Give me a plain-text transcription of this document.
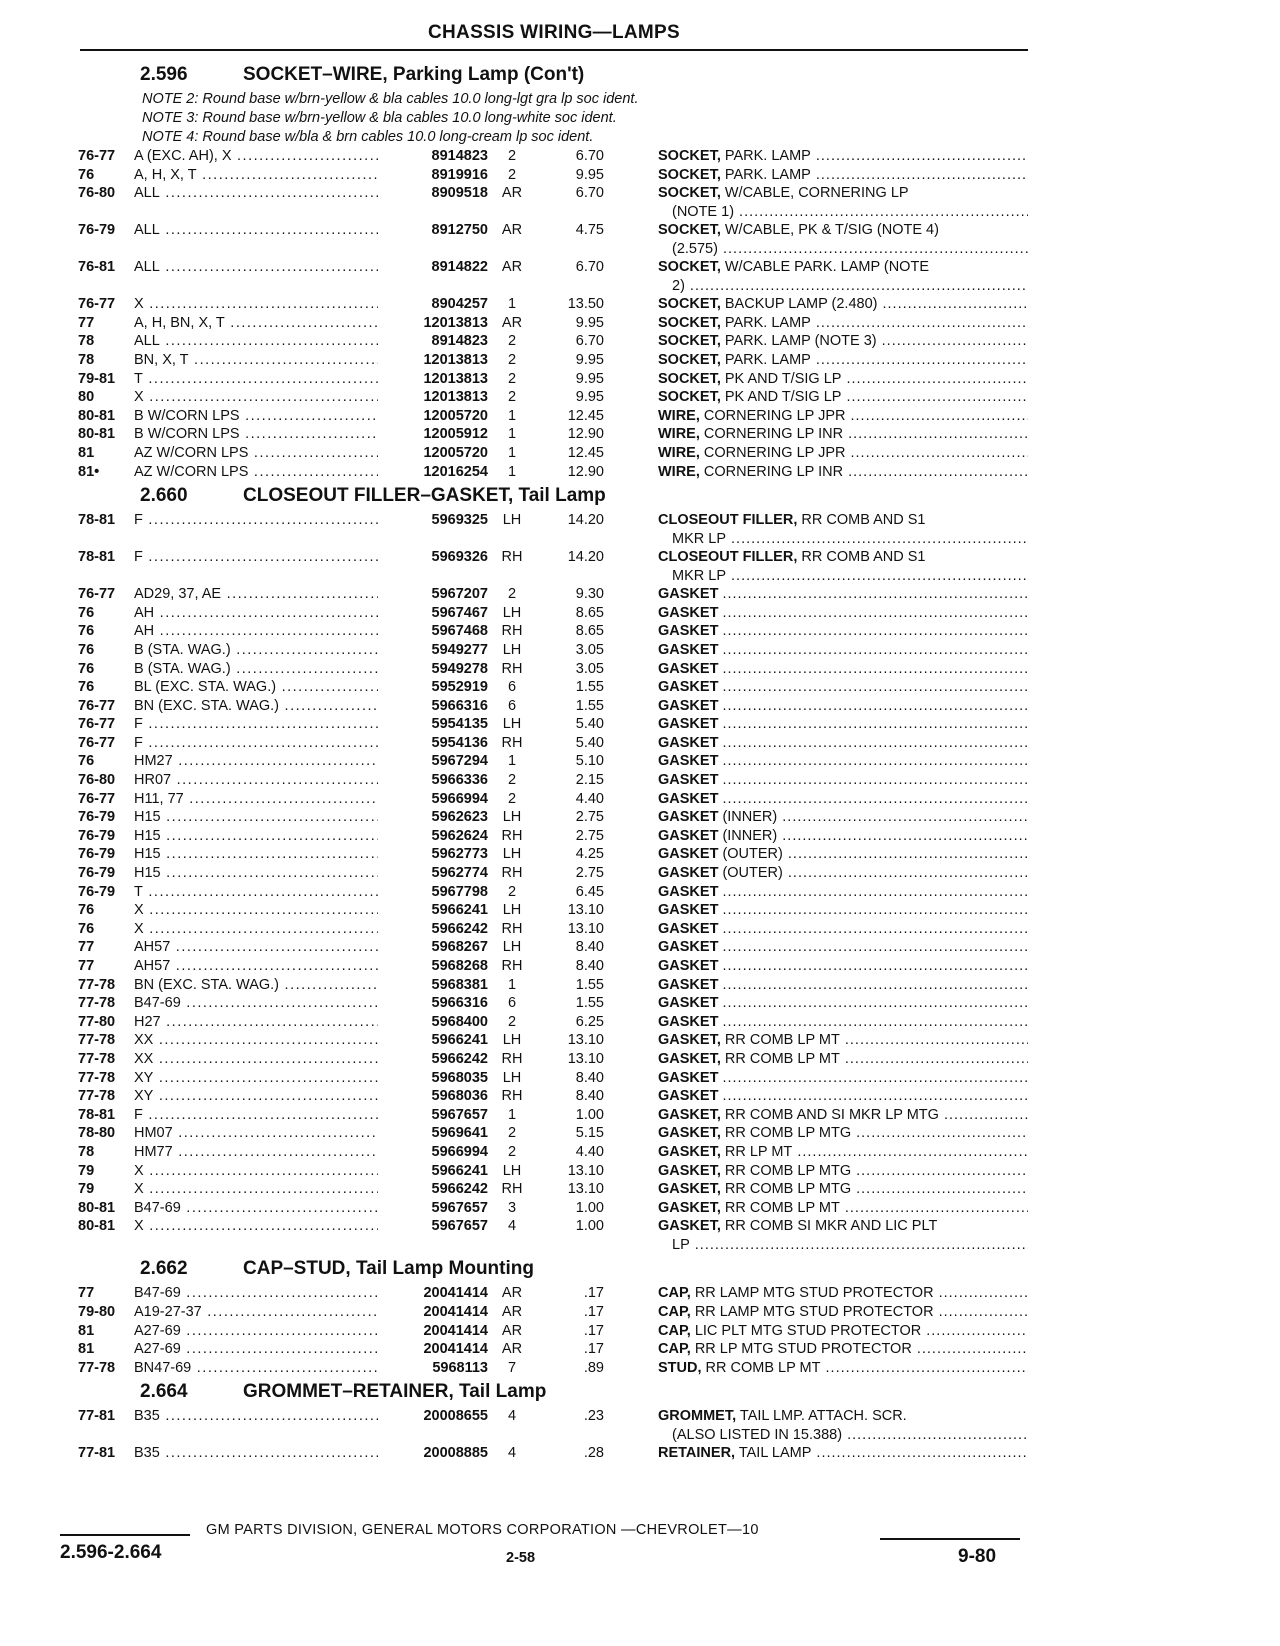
CHASSIS WIRING—LAMPS
2.596	SOCKET–WIRE, Parking Lamp (Con't)
NOTE 2: Round base w/brn-yellow & bla cables 10.0 long-lgt gra lp soc ident.
NOTE 3: Round base w/brn-yellow & bla cables 10.0 long-white soc ident.
NOTE 4: Round base w/bla & brn cables 10.0 long-cream lp soc ident.
76-77	A (EXC. AH), X .....	8914823	2	6.70	SOCKET, PARK. LAMP .....
76	A, H, X, T .....	8919916	2	9.95	SOCKET, PARK. LAMP .....
76-80	ALL .....	8909518 AR	6.70	SOCKET, W/CABLE, CORNERING LP
(NOTE 1) .....
76-79	ALL .....	8912750 AR	4.75	SOCKET, W/CABLE, PK & T/SIG (NOTE 4)
(2.575) .....
76-81	ALL .....	8914822 AR	6.70	SOCKET, W/CABLE PARK. LAMP (NOTE
2) .....
76-77	X .....	8904257	1	13.50	SOCKET, BACKUP LAMP (2.480) .....
77	A, H, BN, X, T .....	12013813 AR	9.95	SOCKET, PARK. LAMP .....
78	ALL .....	8914823	2	6.70	SOCKET, PARK. LAMP (NOTE 3) .....
78	BN, X, T .....	12013813	2	9.95	SOCKET, PARK. LAMP .....
79-81	T .....	12013813	2	9.95	SOCKET, PK AND T/SIG LP .....
80	X .....	12013813	2	9.95	SOCKET, PK AND T/SIG LP .....
80-81	B W/CORN LPS .....	12005720	1	12.45	WIRE, CORNERING LP JPR .....
80-81	B W/CORN LPS .....	12005912	1	12.90	WIRE, CORNERING LP INR .....
81	AZ W/CORN LPS .....	12005720	1	12.45	WIRE, CORNERING LP JPR .....
81•	AZ W/CORN LPS .....	12016254	1	12.90	WIRE, CORNERING LP INR .....
2.660	CLOSEOUT FILLER–GASKET, Tail Lamp
78-81	F .....	5969325	LH	14.20	CLOSEOUT FILLER, RR COMB AND S1
MKR LP .....
78-81	F .....	5969326 RH	14.20	CLOSEOUT FILLER, RR COMB AND S1
MKR LP .....
76-77	AD29, 37, AE .....	5967207	2	9.30	GASKET .....
76	AH .....	5967467	LH	8.65	GASKET .....
76	AH .....	5967468 RH	8.65	GASKET .....
76	B (STA. WAG.) .....	5949277	LH	3.05	GASKET .....
76	B (STA. WAG.) .....	5949278 RH	3.05	GASKET .....
76	BL (EXC. STA. WAG.) .....	5952919	6	1.55	GASKET .....
76-77	BN (EXC. STA. WAG.) .....	5966316	6	1.55	GASKET .....
76-77	F .....	5954135	LH	5.40	GASKET .....
76-77	F .....	5954136 RH	5.40	GASKET .....
76	HM27 .....	5967294	1	5.10	GASKET .....
76-80	HR07 .....	5966336	2	2.15	GASKET .....
76-77	H11, 77 .....	5966994	2	4.40	GASKET .....
76-79	H15 .....	5962623	LH	2.75	GASKET (INNER) .....
76-79	H15 .....	5962624 RH	2.75	GASKET (INNER) .....
76-79	H15 .....	5962773	LH	4.25	GASKET (OUTER) .....
76-79	H15 .....	5962774 RH	2.75	GASKET (OUTER) .....
76-79	T .....	5967798	2	6.45	GASKET .....
76	X .....	5966241	LH	13.10	GASKET .....
76	X .....	5966242 RH	13.10	GASKET .....
77	AH57 .....	5968267	LH	8.40	GASKET .....
77	AH57 .....	5968268 RH	8.40	GASKET .....
77-78	BN (EXC. STA. WAG.) .....	5968381	1	1.55	GASKET .....
77-78	B47-69 .....	5966316	6	1.55	GASKET .....
77-80	H27 .....	5968400	2	6.25	GASKET .....
77-78	XX .....	5966241	LH	13.10	GASKET, RR COMB LP MT .....
77-78	XX .....	5966242 RH	13.10	GASKET, RR COMB LP MT .....
77-78	XY .....	5968035	LH	8.40	GASKET .....
77-78	XY .....	5968036 RH	8.40	GASKET .....
78-81	F .....	5967657	1	1.00	GASKET, RR COMB AND SI MKR LP MTG .....
78-80	HM07 .....	5969641	2	5.15	GASKET, RR COMB LP MTG .....
78	HM77 .....	5966994	2	4.40	GASKET, RR LP MT .....
79	X .....	5966241	LH	13.10	GASKET, RR COMB LP MTG .....
79	X .....	5966242 RH	13.10	GASKET, RR COMB LP MTG .....
80-81	B47-69 .....	5967657	3	1.00	GASKET, RR COMB LP MT .....
80-81	X .....	5967657	4	1.00	GASKET, RR COMB SI MKR AND LIC PLT
LP .....
2.662	CAP–STUD, Tail Lamp Mounting
77	B47-69 .....	20041414 AR	.17	CAP, RR LAMP MTG STUD PROTECTOR .....
79-80	A19-27-37 .....	20041414 AR	.17	CAP, RR LAMP MTG STUD PROTECTOR .....
81	A27-69 .....	20041414 AR	.17	CAP, LIC PLT MTG STUD PROTECTOR .....
81	A27-69 .....	20041414 AR	.17	CAP, RR LP MTG STUD PROTECTOR .....
77-78	BN47-69 .....	5968113	7	.89	STUD, RR COMB LP MT .....
2.664	GROMMET–RETAINER, Tail Lamp
77-81	B35 .....	20008655	4	.23	GROMMET, TAIL LMP. ATTACH. SCR.
(ALSO LISTED IN 15.388) .....
77-81	B35 .....	20008885	4	.28	RETAINER, TAIL LAMP .....
GM PARTS DIVISION, GENERAL MOTORS CORPORATION —CHEVROLET—10
2.596-2.664	2-58	9-80
